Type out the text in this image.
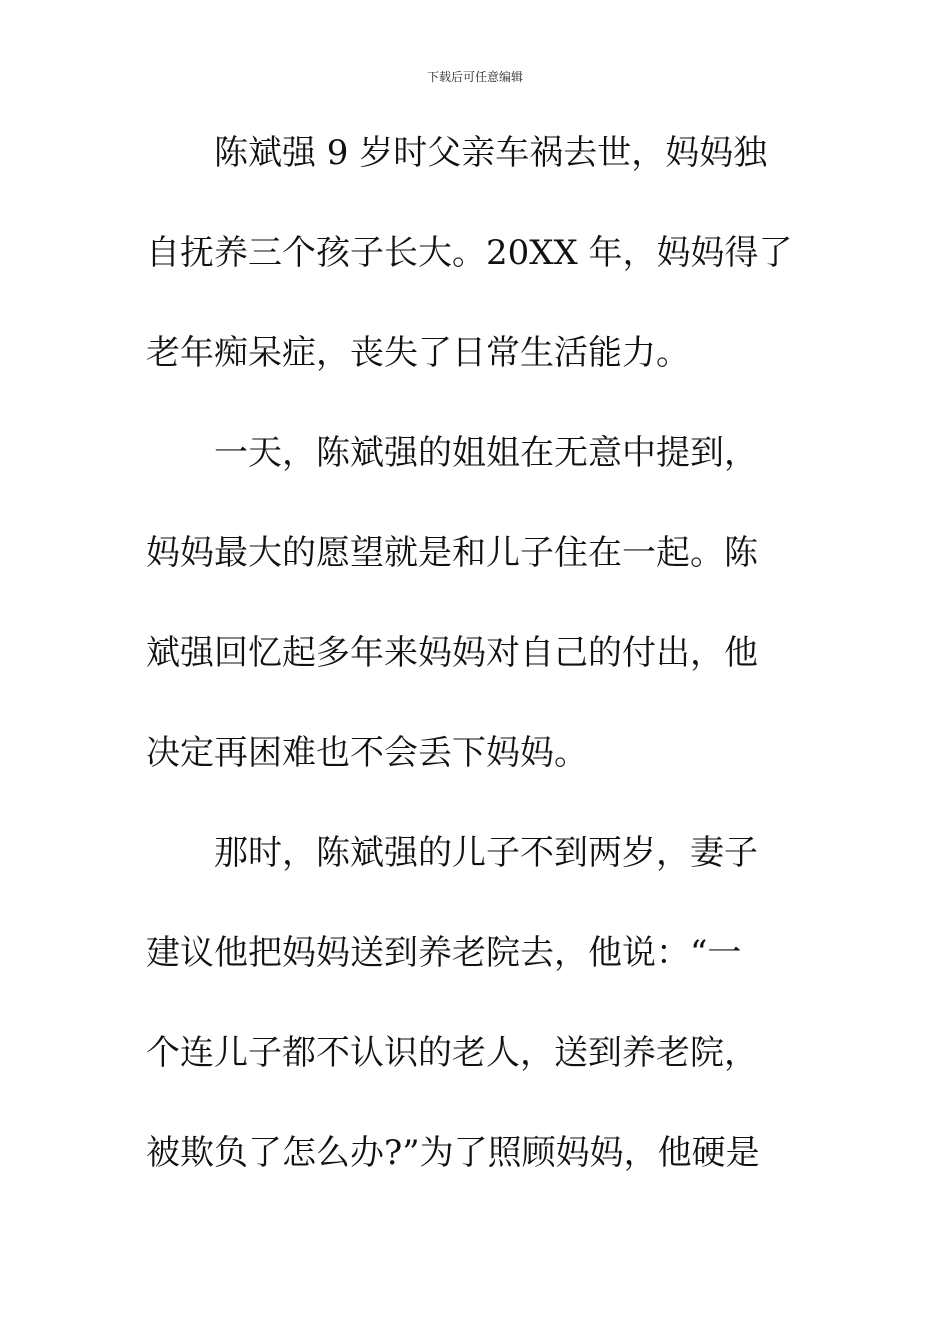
下载后可任意编辑
陈斌强 9 岁时父亲车祸去世，妈妈独
自抚养三个孩子长大。20XX 年，妈妈得了
老年痴呆症，丧失了日常生活能力。
一天，陈斌强的姐姐在无意中提到，
妈妈最大的愿望就是和儿子住在一起。陈
斌强回忆起多年来妈妈对自己的付出，他
决定再困难也不会丢下妈妈。
那时，陈斌强的儿子不到两岁，妻子
建议他把妈妈送到养老院去，他说：“一
个连儿子都不认识的老人，送到养老院，
被欺负了怎么办?”为了照顾妈妈，他硬是
